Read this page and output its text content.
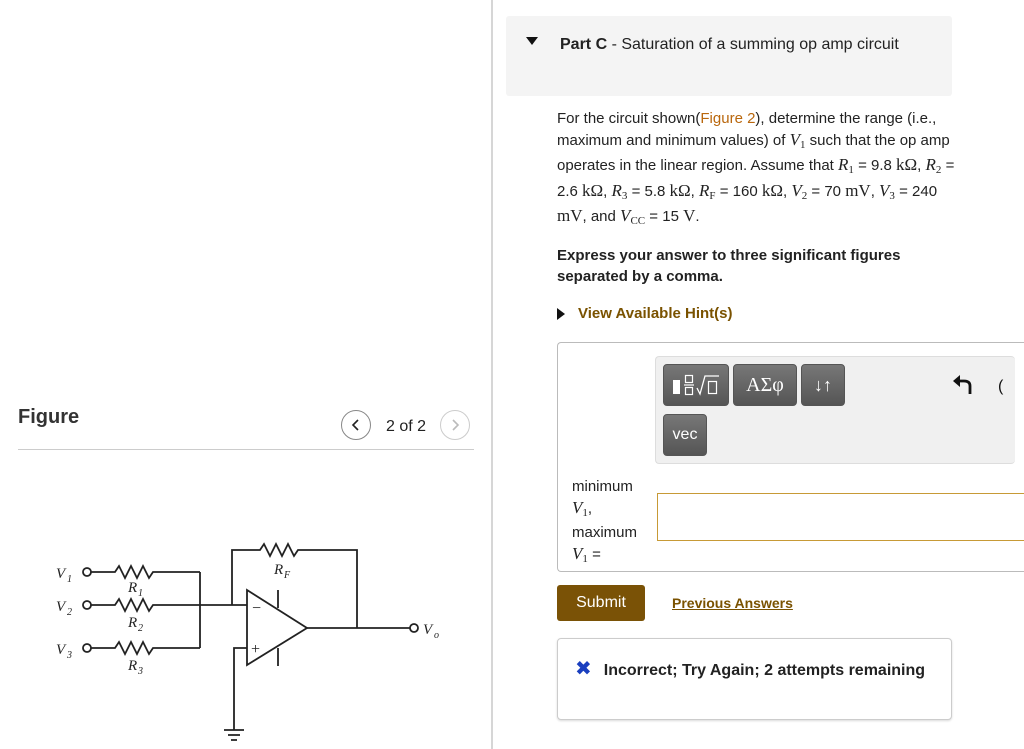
Figure	2 of 2
−
+
V 1
V 2
V 3
R 1
R 2
R 3
R F
V o
Part C - Saturation of a summing op amp circuit
For the circuit shown(Figure 2), determine the range (i.e., maximum and minimum values) of V1 such that the op amp operates in the linear region. Assume that R1 = 9.8 kΩ, R2 = 2.6 kΩ, R3 = 5.8 kΩ, RF = 160 kΩ, V2 = 70 mV, V3 = 240 mV, and VCC = 15 V.
Express your answer to three significant figures separated by a comma.
View Available Hint(s)
ΑΣφ	↓↑
vec
(
minimum
V1,
maximum
V1 =
Submit	Previous Answers
✖ Incorrect; Try Again; 2 attempts remaining
